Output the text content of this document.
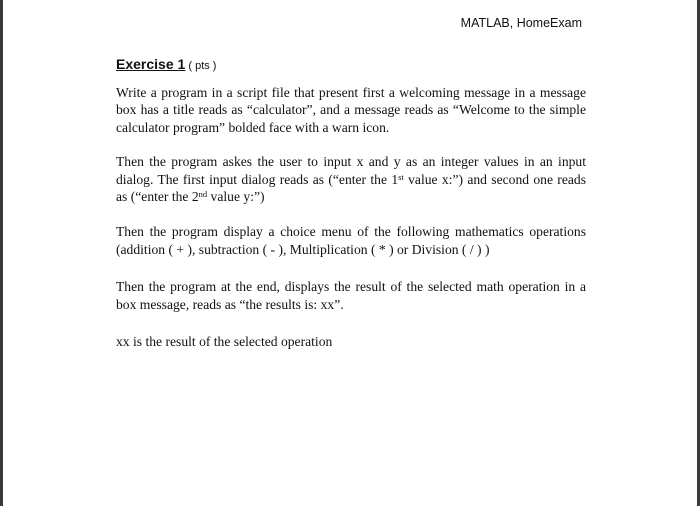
MATLAB, HomeExam
Exercise 1 ( pts )

Write a program in a script file that present first a welcoming message in a message box has a title reads as “calculator”, and a message reads as “Welcome to the simple calculator program” bolded face with a warn icon.

Then the program askes the user to input x and y as an integer values in an input dialog. The first input dialog reads as (“enter the 1st value x:”) and second one reads as (“enter the 2nd value y:”)

Then the program display a choice menu of the following mathematics operations (addition ( + ), subtraction ( - ), Multiplication ( * ) or Division ( / ) )

Then the program at the end, displays the result of the selected math operation in a box message, reads as “the results is: xx”.

xx is the result of the selected operation
